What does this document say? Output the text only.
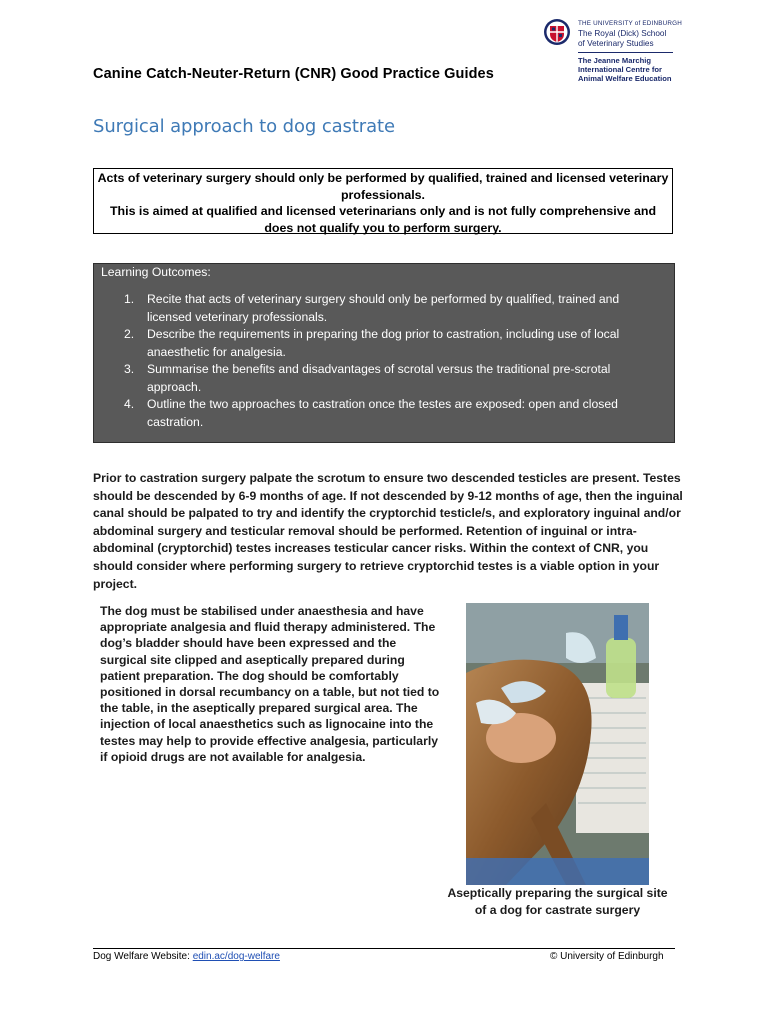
Canine Catch-Neuter-Return (CNR) Good Practice Guides
THE UNIVERSITY of EDINBURGH
The Royal (Dick) School
of Veterinary Studies
The Jeanne Marchig
International Centre for
Animal Welfare Education
Surgical approach to dog castrate

Acts of veterinary surgery should only be performed by qualified, trained and licensed veterinary professionals.

This is aimed at qualified and licensed veterinarians only and is not fully comprehensive and does not qualify you to perform surgery.

Learning Outcomes:
1. Recite that acts of veterinary surgery should only be performed by qualified, trained and licensed veterinary professionals.
2. Describe the requirements in preparing the dog prior to castration, including use of local anaesthetic for analgesia.
3. Summarise the benefits and disadvantages of scrotal versus the traditional pre-scrotal approach.
4. Outline the two approaches to castration once the testes are exposed: open and closed castration.
Prior to castration surgery palpate the scrotum to ensure two descended testicles are present. Testes should be descended by 6-9 months of age. If not descended by 9-12 months of age, then the inguinal canal should be palpated to try and identify the cryptorchid testicle/s, and exploratory inguinal and/or abdominal surgery and testicular removal should be performed. Retention of inguinal or intra-abdominal (cryptorchid) testes increases testicular cancer risks. Within the context of CNR, you should consider where performing surgery to retrieve cryptorchid testes is a viable option in your project.
The dog must be stabilised under anaesthesia and have appropriate analgesia and fluid therapy administered. The dog’s bladder should have been expressed and the surgical site clipped and aseptically prepared during patient preparation. The dog should be comfortably positioned in dorsal recumbancy on a table, but not tied to the table, in the aseptically prepared surgical area. The injection of local anaesthetics such as lignocaine into the testes may help to provide effective analgesia, particularly if opioid drugs are not available for analgesia.
Aseptically preparing the surgical site
of a dog for castrate surgery
Dog Welfare Website: edin.ac/dog-welfare	© University of Edinburgh
